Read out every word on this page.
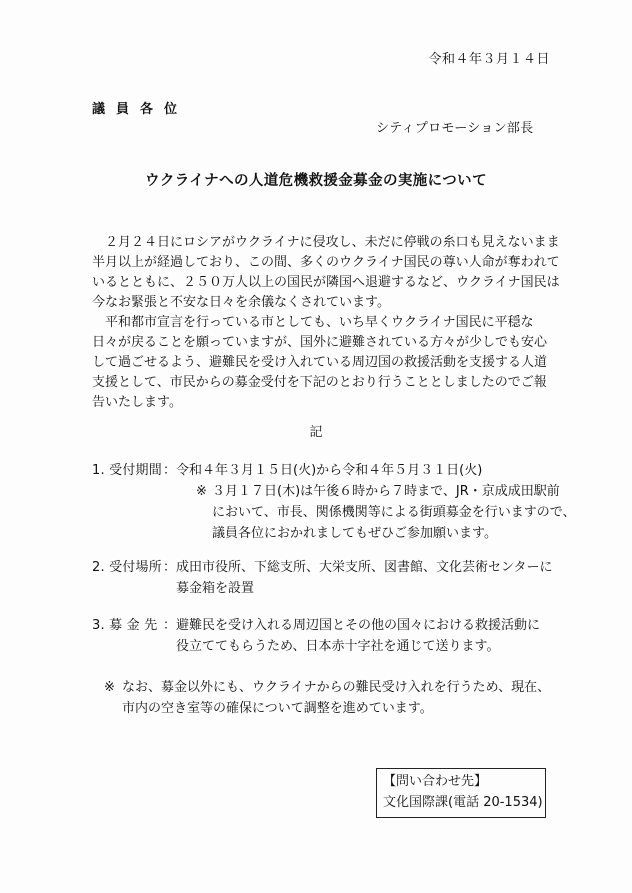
令和４年３月１４日
議員各位
シティプロモーション部長
ウクライナへの人道危機救援金募金の実施について
２月２４日にロシアがウクライナに侵攻し、未だに停戦の糸口も見えないまま
半月以上が経過しており、この間、多くのウクライナ国民の尊い人命が奪われて
いるとともに、２５０万人以上の国民が隣国へ退避するなど、ウクライナ国民は
今なお緊張と不安な日々を余儀なくされています。
平和都市宣言を行っている市としても、いち早くウクライナ国民に平穏な
日々が戻ることを願っていますが、国外に避難されている方々が少しでも安心
して過ごせるよう、避難民を受け入れている周辺国の救援活動を支援する人道
支援として、市民からの募金受付を下記のとおり行うこととしましたのでご報
告いたします。
記
1. 受付期間 ： 令和４年３月１５日(火)から令和４年５月３１日(火)
※ ３月１７日(木)は午後６時から７時まで、JR・京成成田駅前
において、市長、関係機関等による街頭募金を行いますので、
議員各位におかれましてもぜひご参加願います。
2. 受付場所 ： 成田市役所、下総支所、大栄支所、図書館、文化芸術センターに
募金箱を設置
3. 募 金 先 ： 避難民を受け入れる周辺国とその他の国々における救援活動に
役立ててもらうため、日本赤十字社を通じて送ります。
※ なお、募金以外にも、ウクライナからの難民受け入れを行うため、現在、
市内の空き室等の確保について調整を進めています。
【問い合わせ先】
文化国際課(電話 20-1534)
